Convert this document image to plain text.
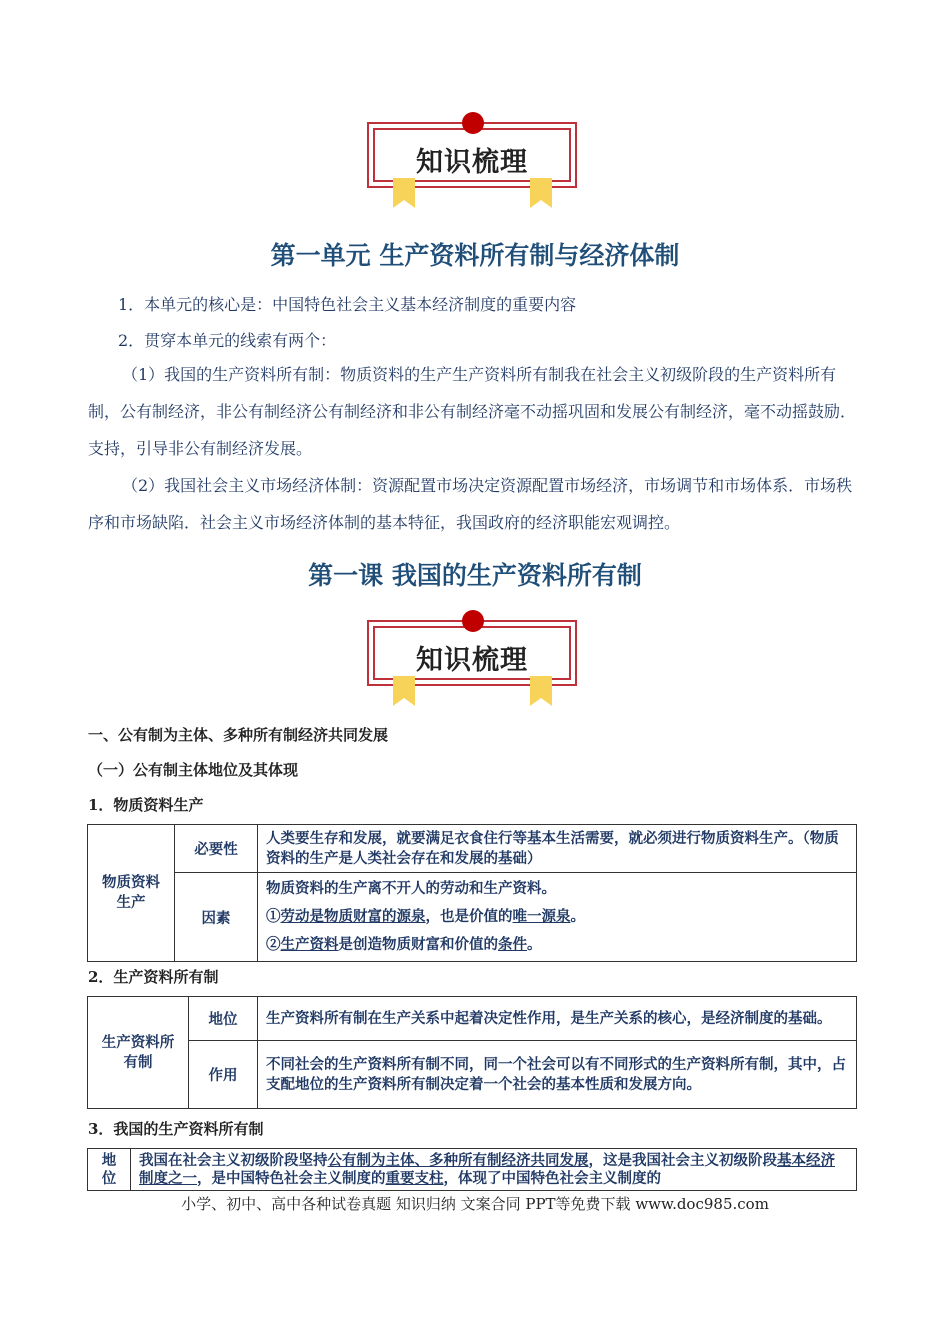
知识梳理
第一单元 生产资料所有制与经济体制
1．本单元的核心是：中国特色社会主义基本经济制度的重要内容
2．贯穿本单元的线索有两个：
（1）我国的生产资料所有制：物质资料的生产生产资料所有制我在社会主义初级阶段的生产资料所有制，公有制经济，非公有制经济公有制经济和非公有制经济毫不动摇巩固和发展公有制经济，毫不动摇鼓励．支持，引导非公有制经济发展。
（2）我国社会主义市场经济体制：资源配置市场决定资源配置市场经济，市场调节和市场体系．市场秩序和市场缺陷．社会主义市场经济体制的基本特征，我国政府的经济职能宏观调控。
第一课 我国的生产资料所有制
知识梳理
一、公有制为主体、多种所有制经济共同发展
（一）公有制主体地位及其体现
1．物质资料生产
物质资料生产	必要性	人类要生存和发展，就要满足衣食住行等基本生活需要，就必须进行物质资料生产。（物质资料的生产是人类社会存在和发展的基础）
	因素	物质资料的生产离不开人的劳动和生产资料。
①劳动是物质财富的源泉，也是价值的唯一源泉。
②生产资料是创造物质财富和价值的条件。
2．生产资料所有制
生产资料所有制	地位	生产资料所有制在生产关系中起着决定性作用，是生产关系的核心，是经济制度的基础。
	作用	不同社会的生产资料所有制不同，同一个社会可以有不同形式的生产资料所有制，其中，占支配地位的生产资料所有制决定着一个社会的基本性质和发展方向。
3．我国的生产资料所有制
地位	我国在社会主义初级阶段坚持公有制为主体、多种所有制经济共同发展，这是我国社会主义初级阶段基本经济制度之一，是中国特色社会主义制度的重要支柱，体现了中国特色社会主义制度的
小学、初中、高中各种试卷真题 知识归纳 文案合同 PPT等免费下载 www.doc985.com
